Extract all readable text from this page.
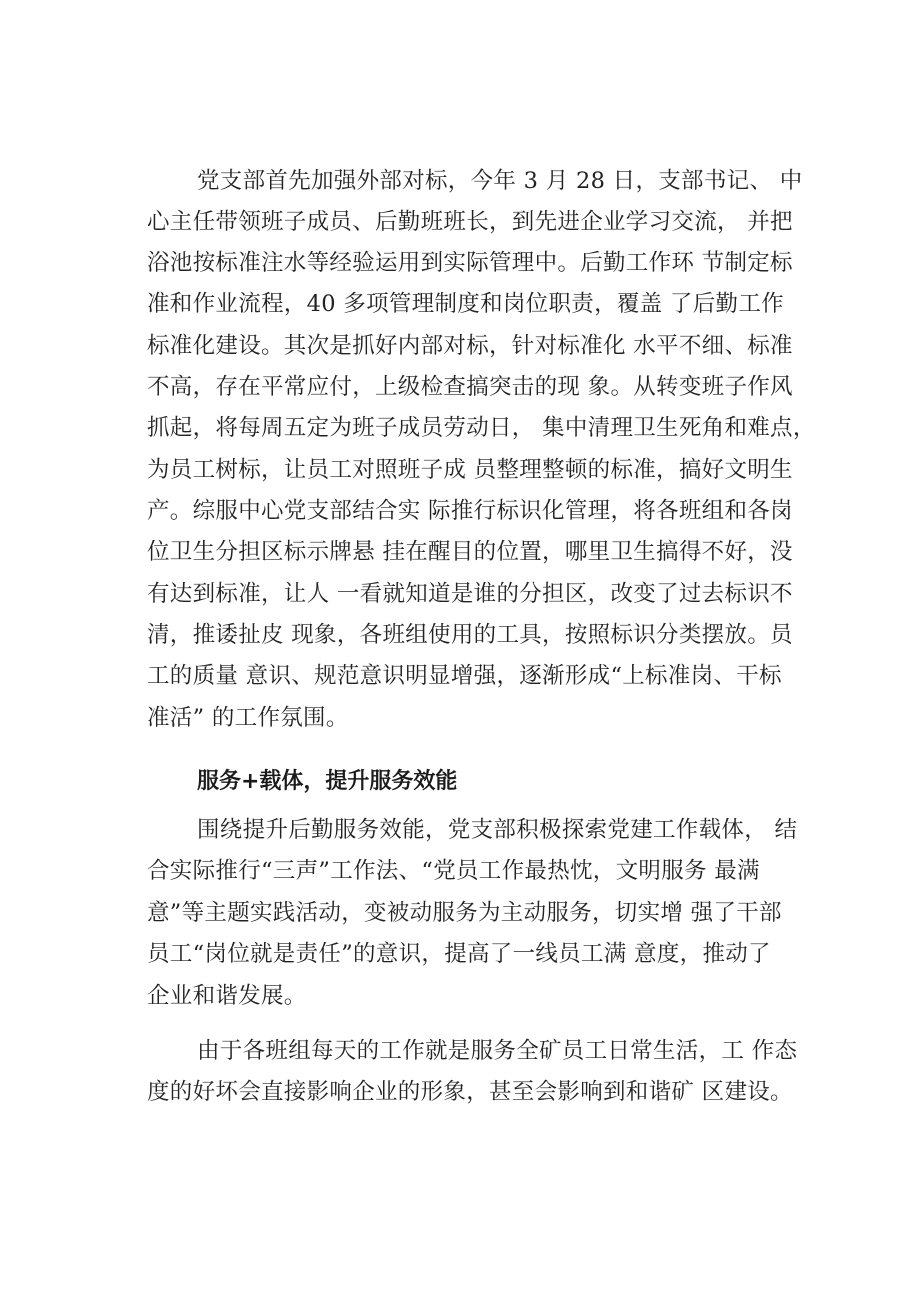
党支部首先加强外部对标，今年 3 月 28 日，支部书记、 中

心主任带领班子成员、后勤班班长，到先进企业学习交流， 并把

浴池按标准注水等经验运用到实际管理中。后勤工作环 节制定标

准和作业流程，40 多项管理制度和岗位职责，覆盖 了后勤工作

标准化建设。其次是抓好内部对标，针对标准化 水平不细、标准

不高，存在平常应付，上级检查搞突击的现 象。从转变班子作风

抓起，将每周五定为班子成员劳动日， 集中清理卫生死角和难点，

为员工树标，让员工对照班子成 员整理整顿的标准，搞好文明生

产。综服中心党支部结合实 际推行标识化管理，将各班组和各岗

位卫生分担区标示牌悬 挂在醒目的位置，哪里卫生搞得不好，没

有达到标准，让人 一看就知道是谁的分担区，改变了过去标识不

清，推诿扯皮 现象，各班组使用的工具，按照标识分类摆放。员

工的质量 意识、规范意识明显增强，逐渐形成“上标准岗、干标

准活” 的工作氛围。

服务+载体，提升服务效能

围绕提升后勤服务效能，党支部积极探索党建工作载体， 结

合实际推行“三声”工作法、“党员工作最热忱，文明服务 最满

意”等主题实践活动，变被动服务为主动服务，切实增 强了干部

员工“岗位就是责任”的意识，提高了一线员工满 意度，推动了

企业和谐发展。

由于各班组每天的工作就是服务全矿员工日常生活，工 作态

度的好坏会直接影响企业的形象，甚至会影响到和谐矿 区建设。
